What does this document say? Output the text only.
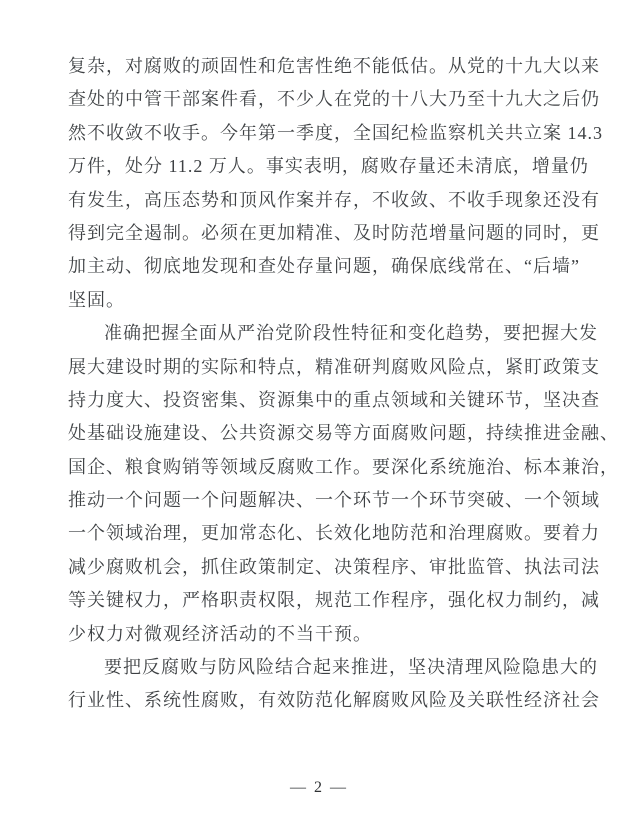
复杂，对腐败的顽固性和危害性绝不能低估。从党的十九大以来
查处的中管干部案件看，不少人在党的十八大乃至十九大之后仍
然不收敛不收手。今年第一季度，全国纪检监察机关共立案 14.3
万件，处分 11.2 万人。事实表明，腐败存量还未清底，增量仍
有发生，高压态势和顶风作案并存，不收敛、不收手现象还没有
得到完全遏制。必须在更加精准、及时防范增量问题的同时，更
加主动、彻底地发现和查处存量问题，确保底线常在、“后墙”
坚固。
准确把握全面从严治党阶段性特征和变化趋势，要把握大发
展大建设时期的实际和特点，精准研判腐败风险点，紧盯政策支
持力度大、投资密集、资源集中的重点领域和关键环节，坚决查
处基础设施建设、公共资源交易等方面腐败问题，持续推进金融、
国企、粮食购销等领域反腐败工作。要深化系统施治、标本兼治，
推动一个问题一个问题解决、一个环节一个环节突破、一个领域
一个领域治理，更加常态化、长效化地防范和治理腐败。要着力
减少腐败机会，抓住政策制定、决策程序、审批监管、执法司法
等关键权力，严格职责权限，规范工作程序，强化权力制约，减
少权力对微观经济活动的不当干预。
要把反腐败与防风险结合起来推进，坚决清理风险隐患大的
行业性、系统性腐败，有效防范化解腐败风险及关联性经济社会
— 2 —
